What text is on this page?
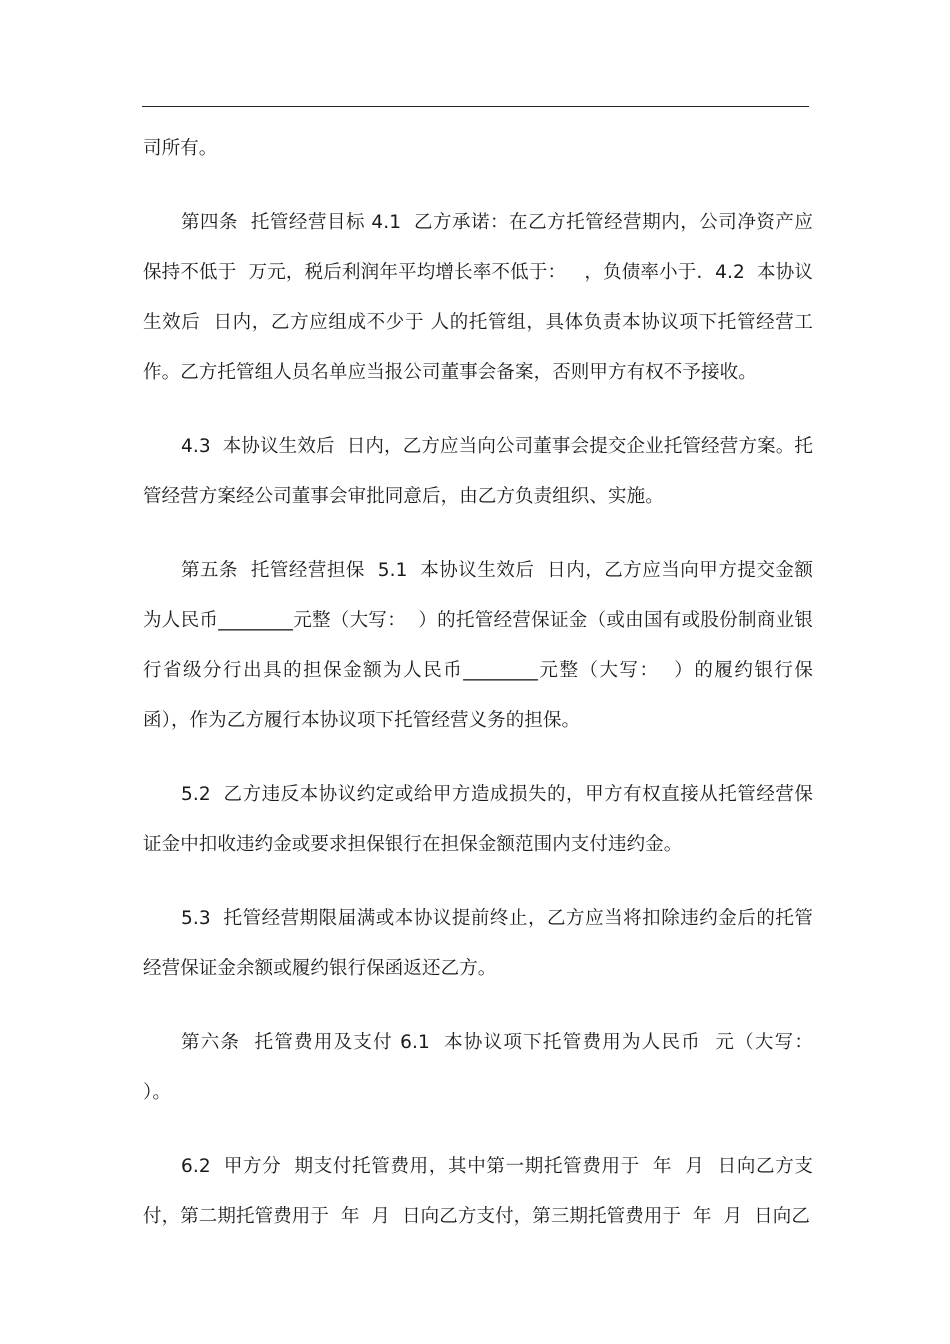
司所有。

第四条  托管经营目标 4.1  乙方承诺：在乙方托管经营期内，公司净资产应保持不低于  万元，税后利润年平均增长率不低于：   ，负债率小于．4.2  本协议生效后  日内，乙方应组成不少于 人的托管组，具体负责本协议项下托管经营工作。乙方托管组人员名单应当报公司董事会备案，否则甲方有权不予接收。

4.3  本协议生效后  日内，乙方应当向公司董事会提交企业托管经营方案。托管经营方案经公司董事会审批同意后，由乙方负责组织、实施。

第五条  托管经营担保  5.1  本协议生效后  日内，乙方应当向甲方提交金额为人民币________元整（大写：  ）的托管经营保证金（或由国有或股份制商业银行省级分行出具的担保金额为人民币________元整（大写：  ）的履约银行保函），作为乙方履行本协议项下托管经营义务的担保。

5.2  乙方违反本协议约定或给甲方造成损失的，甲方有权直接从托管经营保证金中扣收违约金或要求担保银行在担保金额范围内支付违约金。

5.3  托管经营期限届满或本协议提前终止，乙方应当将扣除违约金后的托管经营保证金余额或履约银行保函返还乙方。

第六条  托管费用及支付 6.1  本协议项下托管费用为人民币  元（大写：  ）。

6.2  甲方分  期支付托管费用，其中第一期托管费用于  年  月  日向乙方支付，第二期托管费用于  年  月  日向乙方支付，第三期托管费用于  年  月  日向乙
